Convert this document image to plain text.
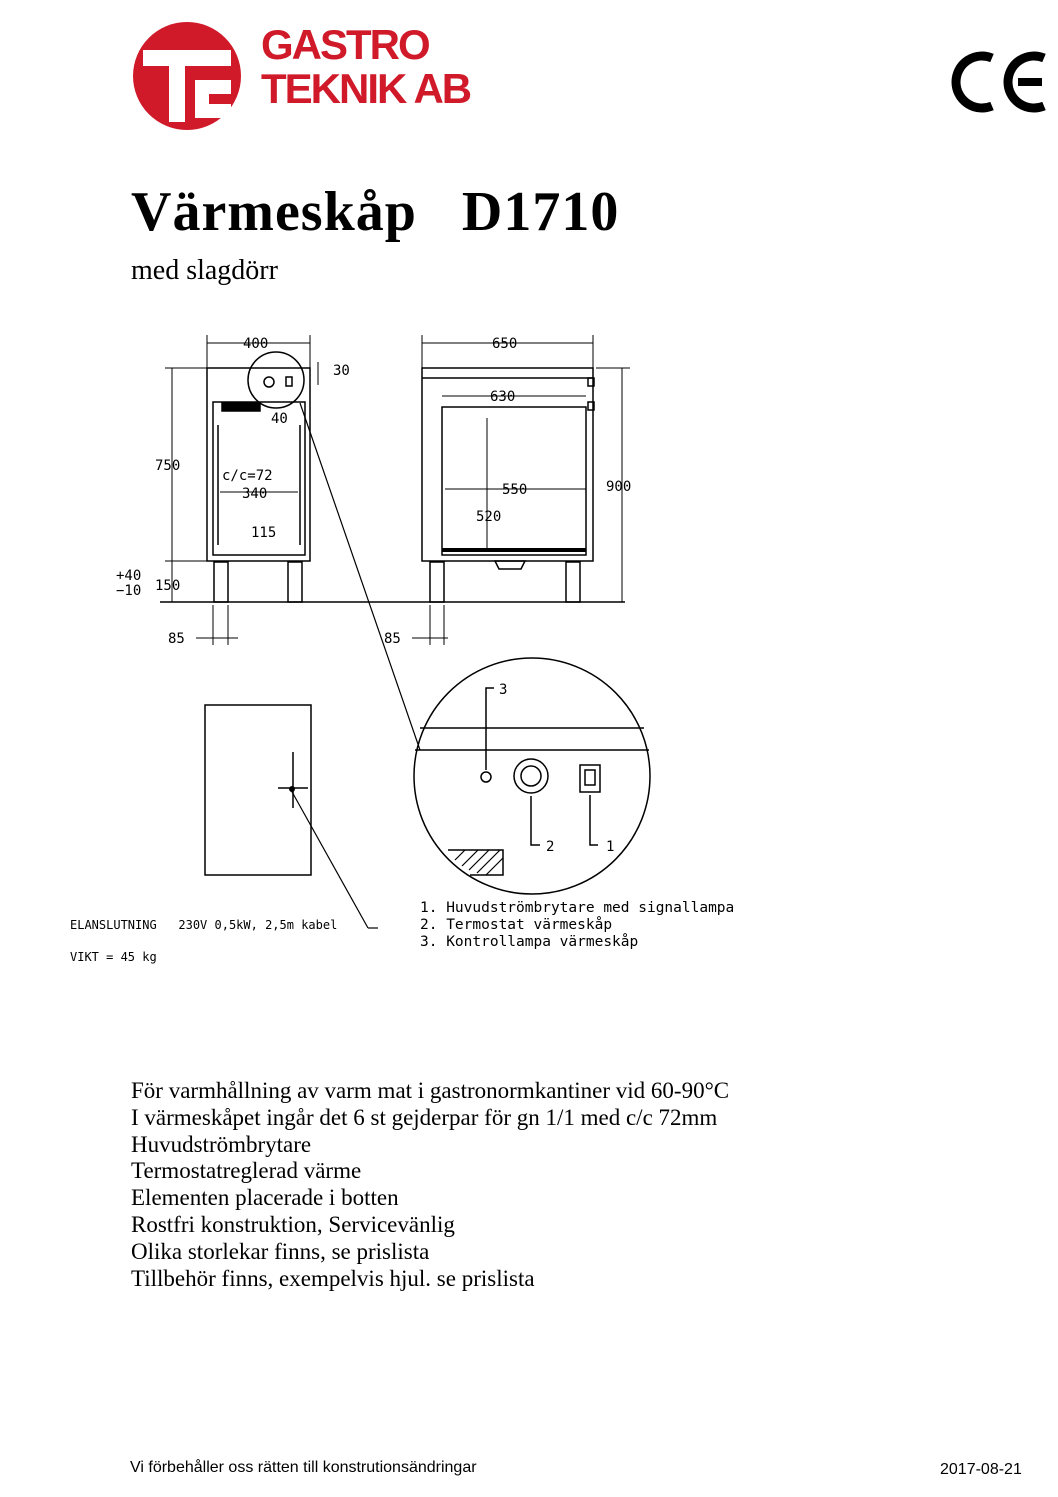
GASTRO
TEKNIK AB
Värmeskåp   D1710
med slagdörr
400
30
750
40
c/c=72
340
115
+40
−10 150
85
650
630
550
520
900
85
3
2	1
ELANSLUTNING   230V 0,5kW, 2,5m kabel
VIKT = 45 kg
1. Huvudströmbrytare med signallampa
2. Termostat värmeskåp
3. Kontrollampa värmeskåp
För varmhållning av varm mat i gastronormkantiner vid 60-90°C
I värmeskåpet ingår det 6 st gejderpar för gn 1/1 med c/c 72mm
Huvudströmbrytare
Termostatreglerad värme
Elementen placerade i botten
Rostfri konstruktion, Servicevänlig
Olika storlekar finns, se prislista
Tillbehör finns, exempelvis hjul. se prislista
Vi förbehåller oss rätten till konstrutionsändringar	2017-08-21
